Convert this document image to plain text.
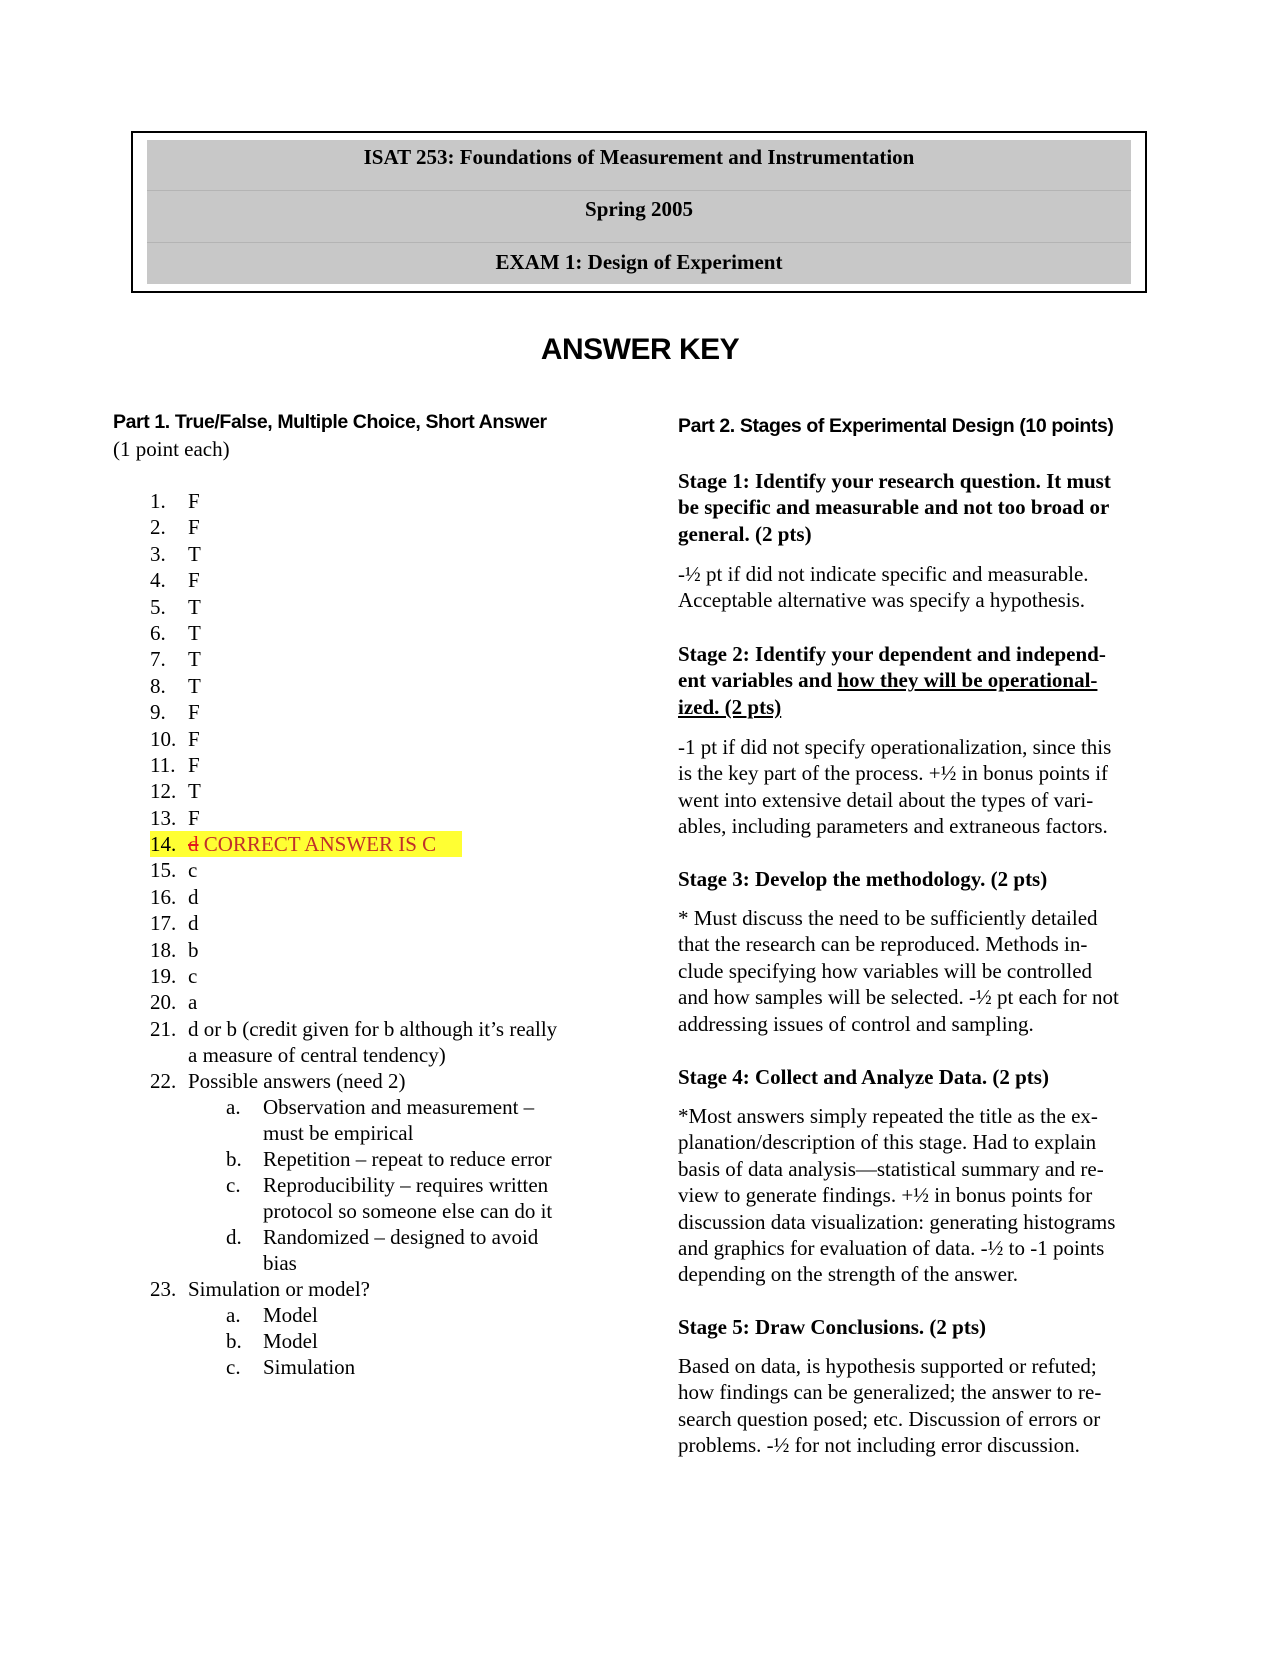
ISAT 253: Foundations of Measurement and Instrumentation
Spring 2005
EXAM 1: Design of Experiment
ANSWER KEY
Part 1. True/False, Multiple Choice, Short Answer
(1 point each)
1. F
2. F
3. T
4. F
5. T
6. T
7. T
8. T
9. F
10. F
11. F
12. T
13. F
14. d CORRECT ANSWER IS C
15. c
16. d
17. d
18. b
19. c
20. a
21. d or b (credit given for b although it’s really
a measure of central tendency)
22. Possible answers (need 2)
a. Observation and measurement –
must be empirical
b. Repetition – repeat to reduce error
c. Reproducibility – requires written
protocol so someone else can do it
d. Randomized – designed to avoid
bias
23. Simulation or model?
a. Model
b. Model
c. Simulation
Part 2. Stages of Experimental Design (10 points)
Stage 1: Identify your research question. It must
be specific and measurable and not too broad or
general. (2 pts)
-½ pt if did not indicate specific and measurable.
Acceptable alternative was specify a hypothesis.
Stage 2: Identify your dependent and independ-
ent variables and how they will be operational-
ized. (2 pts)
-1 pt if did not specify operationalization, since this
is the key part of the process. +½ in bonus points if
went into extensive detail about the types of vari-
ables, including parameters and extraneous factors.
Stage 3: Develop the methodology. (2 pts)
* Must discuss the need to be sufficiently detailed
that the research can be reproduced. Methods in-
clude specifying how variables will be controlled
and how samples will be selected. -½ pt each for not
addressing issues of control and sampling.
Stage 4: Collect and Analyze Data. (2 pts)
*Most answers simply repeated the title as the ex-
planation/description of this stage. Had to explain
basis of data analysis—statistical summary and re-
view to generate findings. +½ in bonus points for
discussion data visualization: generating histograms
and graphics for evaluation of data. -½ to -1 points
depending on the strength of the answer.
Stage 5: Draw Conclusions. (2 pts)
Based on data, is hypothesis supported or refuted;
how findings can be generalized; the answer to re-
search question posed; etc. Discussion of errors or
problems. -½ for not including error discussion.
